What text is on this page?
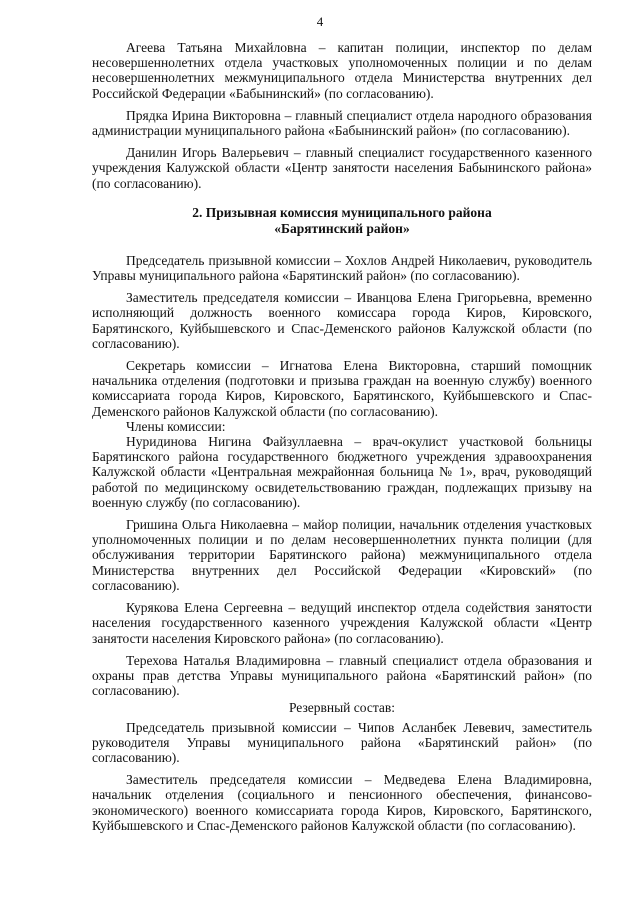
4

Агеева Татьяна Михайловна – капитан полиции, инспектор по делам несовершеннолетних отдела участковых уполномоченных полиции и по делам несовершеннолетних межмуниципального отдела Министерства внутренних дел Российской Федерации «Бабынинский» (по согласованию).

Прядка Ирина Викторовна – главный специалист отдела народного образования администрации муниципального района «Бабынинский район» (по согласованию).

Данилин Игорь Валерьевич – главный специалист государственного казенного учреждения Калужской области «Центр занятости населения Бабынинского района» (по согласованию).

2. Призывная комиссия муниципального района
«Барятинский район»

Председатель призывной комиссии – Хохлов Андрей Николаевич, руководитель Управы муниципального района «Барятинский район» (по согласованию).

Заместитель председателя комиссии – Иванцова Елена Григорьевна, временно исполняющий должность военного комиссара города Киров, Кировского, Барятинского, Куйбышевского и Спас-Деменского районов Калужской области (по согласованию).

Секретарь комиссии – Игнатова Елена Викторовна, старший помощник начальника отделения (подготовки и призыва граждан на военную службу) военного комиссариата города Киров, Кировского, Барятинского, Куйбышевского и Спас-Деменского районов Калужской области (по согласованию).

Члены комиссии:

Нуридинова Нигина Файзуллаевна – врач-окулист участковой больницы Барятинского района государственного бюджетного учреждения здравоохранения Калужской области «Центральная межрайонная больница № 1», врач, руководящий работой по медицинскому освидетельствованию граждан, подлежащих призыву на военную службу (по согласованию).

Гришина Ольга Николаевна – майор полиции, начальник отделения участковых уполномоченных полиции и по делам несовершеннолетних пункта полиции (для обслуживания территории Барятинского района) межмуниципального отдела Министерства внутренних дел Российской Федерации «Кировский» (по согласованию).

Курякова Елена Сергеевна – ведущий инспектор отдела содействия занятости населения государственного казенного учреждения Калужской области «Центр занятости населения Кировского района» (по согласованию).

Терехова Наталья Владимировна – главный специалист отдела образования и охраны прав детства Управы муниципального района «Барятинский район» (по согласованию).

Резервный состав:

Председатель призывной комиссии – Чипов Асланбек Левевич, заместитель руководителя Управы муниципального района «Барятинский район» (по согласованию).

Заместитель председателя комиссии – Медведева Елена Владимировна, начальник отделения (социального и пенсионного обеспечения, финансово-экономического) военного комиссариата города Киров, Кировского, Барятинского, Куйбышевского и Спас-Деменского районов Калужской области (по согласованию).
